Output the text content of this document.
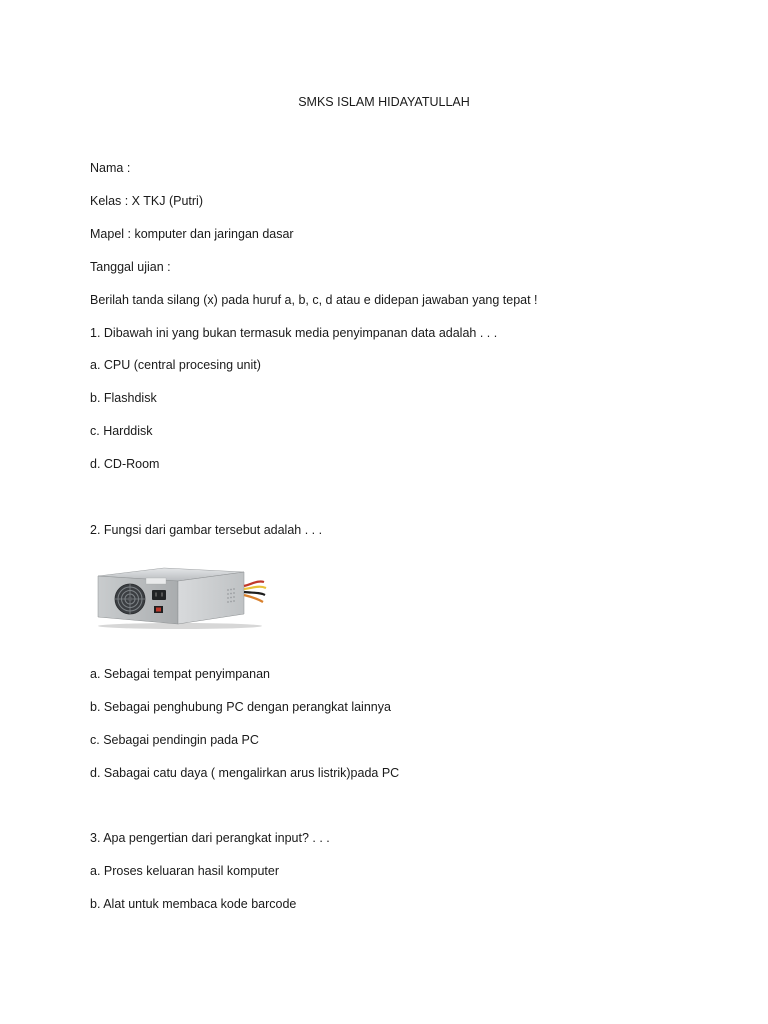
SMKS ISLAM HIDAYATULLAH
Nama :
Kelas : X TKJ (Putri)
Mapel : komputer dan jaringan dasar
Tanggal ujian :
Berilah tanda silang (x) pada huruf a, b, c, d atau e didepan jawaban yang tepat !
1. Dibawah ini yang bukan termasuk media penyimpanan data adalah . . .
a. CPU (central procesing unit)
b. Flashdisk
c. Harddisk
d. CD-Room
2. Fungsi dari gambar tersebut adalah . . .
a. Sebagai tempat penyimpanan
b. Sebagai penghubung PC dengan perangkat lainnya
c. Sebagai pendingin pada PC
d. Sabagai catu daya ( mengalirkan arus listrik)pada PC
3. Apa pengertian dari perangkat input? . . .
a. Proses keluaran hasil komputer
b. Alat untuk membaca kode barcode
